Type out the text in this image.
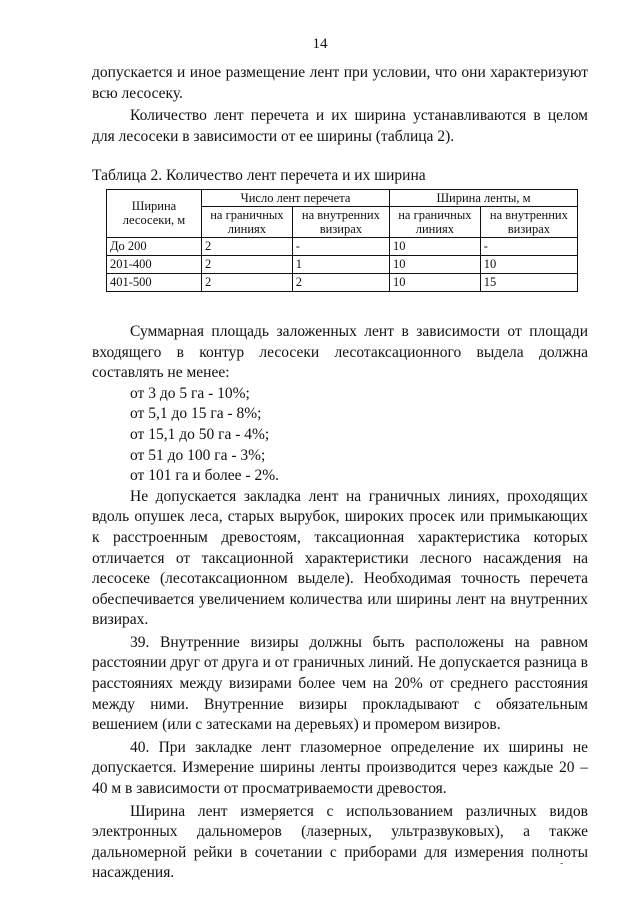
14

допускается и иное размещение лент при условии, что они характеризуют всю лесосеку.

Количество лент перечета и их ширина устанавливаются в целом для лесосеки в зависимости от ее ширины (таблица 2).

Таблица 2. Количество лент перечета и их ширина
Ширина лесосеки, м	Число лент перечета		Ширина ленты, м	
	на граничных линиях	на внутренних визирах	на граничных линиях	на внутренних визирах
До 200	2	-	10	-
201-400	2	1	10	10
401-500	2	2	10	15

Суммарная площадь заложенных лент в зависимости от площади входящего в контур лесосеки лесотаксационного выдела должна составлять не менее:

от 3 до 5 га - 10%;
от 5,1 до 15 га - 8%;
от 15,1 до 50 га - 4%;
от 51 до 100 га - 3%;
от 101 га и более - 2%.

Не допускается закладка лент на граничных линиях, проходящих вдоль опушек леса, старых вырубок, широких просек или примыкающих к расстроенным древостоям, таксационная характеристика которых отличается от таксационной характеристики лесного насаждения на лесосеке (лесотаксационном выделе). Необходимая точность перечета обеспечивается увеличением количества или ширины лент на внутренних визирах.

39. Внутренние визиры должны быть расположены на равном расстоянии друг от друга и от граничных линий. Не допускается разница в расстояниях между визирами более чем на 20% от среднего расстояния между ними. Внутренние визиры прокладывают с обязательным вешением (или с затесками на деревьях) и промером визиров.

40. При закладке лент глазомерное определение их ширины не допускается. Измерение ширины ленты производится через каждые 20 – 40 м в зависимости от просматриваемости древостоя.

Ширина лент измеряется с использованием различных видов электронных дальномеров (лазерных, ультразвуковых), а также дальномерной рейки в сочетании с приборами для измерения полноты насаждения.

-
